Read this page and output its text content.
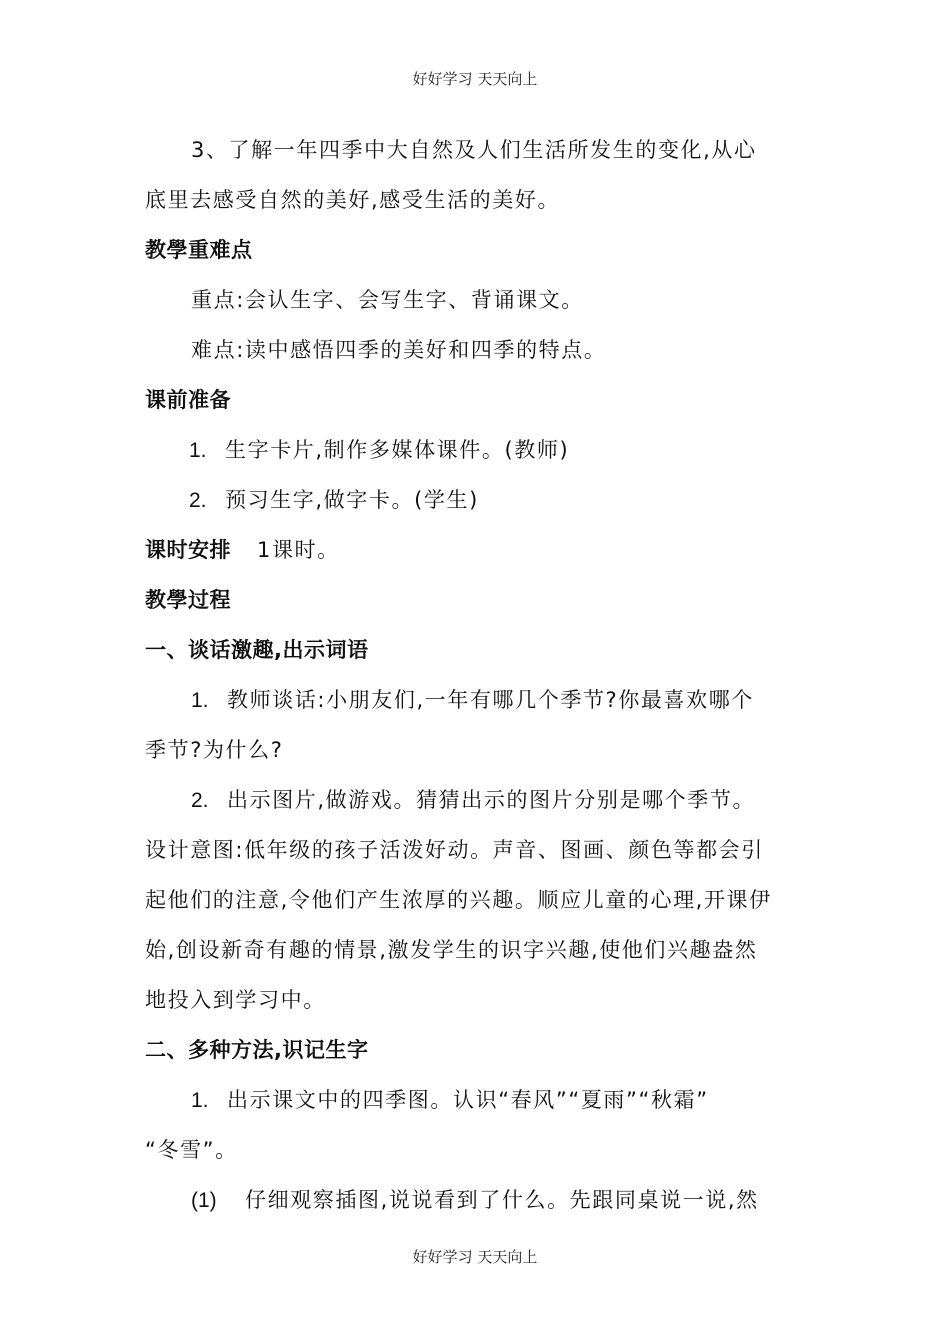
好好学习 天天向上
3、了解一年四季中大自然及人们生活所发生的变化,从心
底里去感受自然的美好,感受生活的美好。
教學重难点
重点:会认生字、会写生字、背诵课文。
难点:读中感悟四季的美好和四季的特点。
课前准备
1. 生字卡片,制作多媒体课件。(教师)
2. 预习生字,做字卡。(学生)
课时安排 1课时。
教學过程
一、谈话激趣,出示词语
1. 教师谈话:小朋友们,一年有哪几个季节?你最喜欢哪个
季节?为什么?
2. 出示图片,做游戏。猜猜出示的图片分别是哪个季节。
设计意图:低年级的孩子活泼好动。声音、图画、颜色等都会引
起他们的注意,令他们产生浓厚的兴趣。顺应儿童的心理,开课伊
始,创设新奇有趣的情景,激发学生的识字兴趣,使他们兴趣盎然
地投入到学习中。
二、多种方法,识记生字
1. 出示课文中的四季图。认识“春风”“夏雨”“秋霜”
“冬雪”。
(1) 仔细观察插图,说说看到了什么。先跟同桌说一说,然
好好学习 天天向上
